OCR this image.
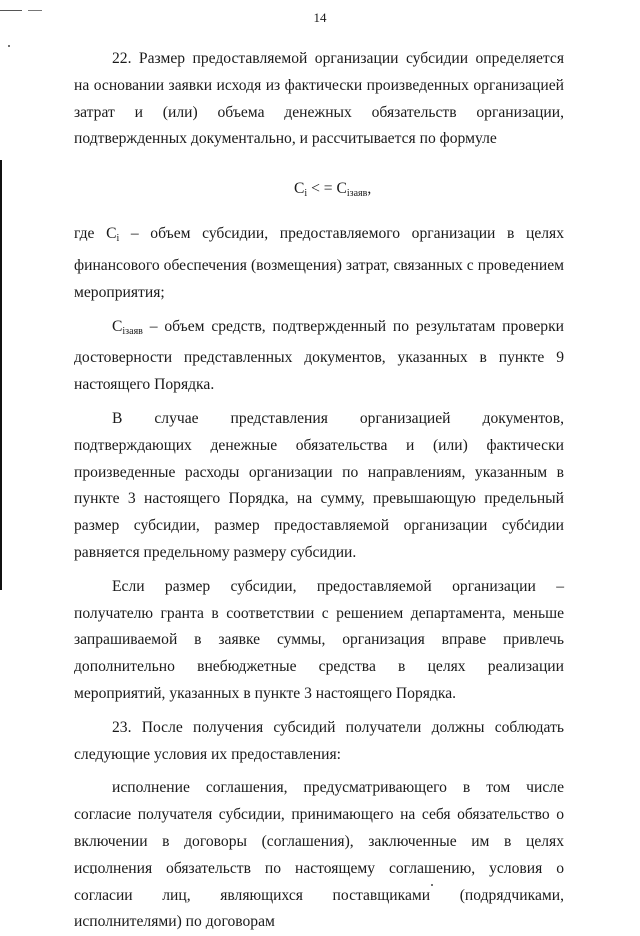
14

22. Размер предоставляемой организации субсидии определяется на основании заявки исходя из фактически произведенных организацией затрат и (или) объема денежных обязательств организации, подтвержденных документально, и рассчитывается по формуле

$C_i$ < = $C_{iзаяв}$,

где $C_i$ – объем субсидии, предоставляемого организации в целях финансового обеспечения (возмещения) затрат, связанных с проведением мероприятия;

$C_{iзаяв}$ – объем средств, подтвержденный по результатам проверки достоверности представленных документов, указанных в пункте 9 настоящего Порядка.

В случае представления организацией документов, подтверждающих денежные обязательства и (или) фактически произведенные расходы организации по направлениям, указанным в пункте 3 настоящего Порядка, на сумму, превышающую предельный размер субсидии, размер предоставляемой организации субсидии равняется предельному размеру субсидии.

Если размер субсидии, предоставляемой организации – получателю гранта в соответствии с решением департамента, меньше запрашиваемой в заявке суммы, организация вправе привлечь дополнительно внебюджетные средства в целях реализации мероприятий, указанных в пункте 3 настоящего Порядка.

23. После получения субсидий получатели должны соблюдать следующие условия их предоставления:

исполнение соглашения, предусматривающего в том числе согласие получателя субсидии, принимающего на себя обязательство о включении в договоры (соглашения), заключенные им в целях исполнения обязательств по настоящему соглашению, условия о согласии лиц, являющихся поставщиками (подрядчиками, исполнителями) по договорам
